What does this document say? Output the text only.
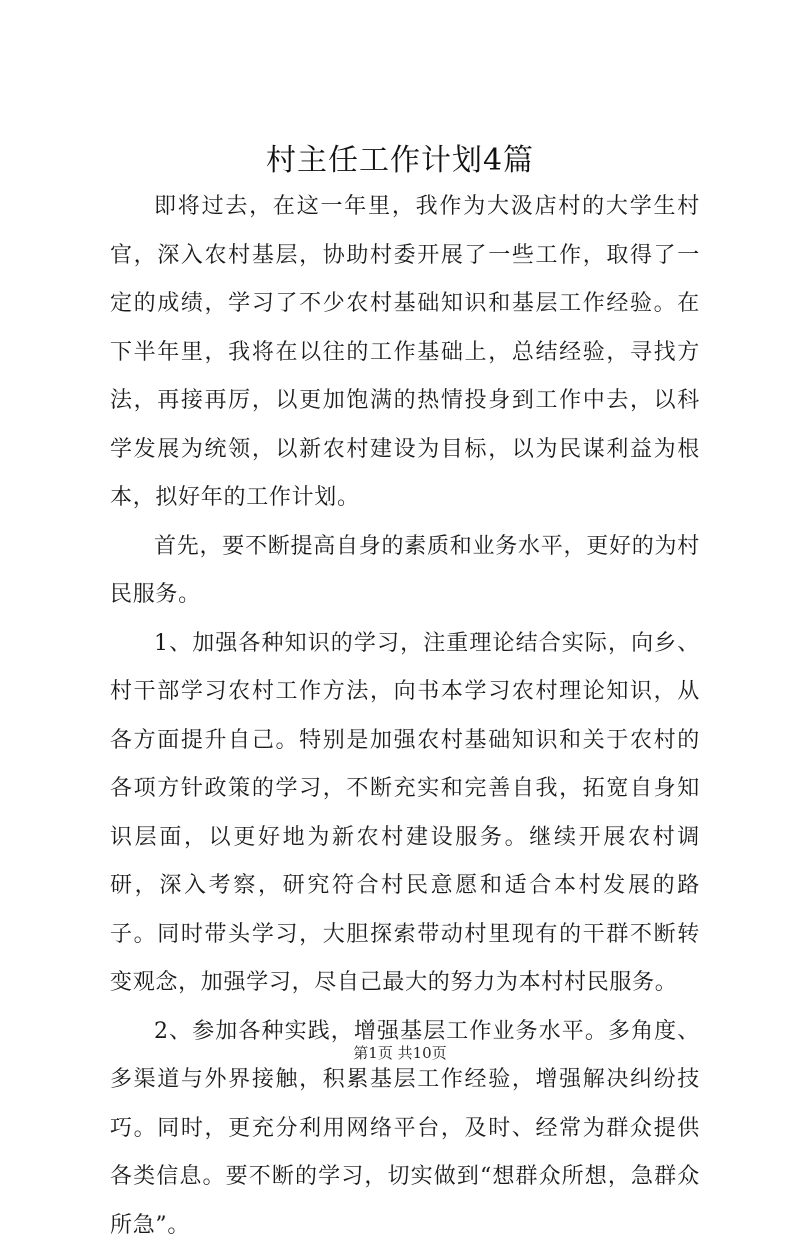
村主任工作计划4篇

即将过去，在这一年里，我作为大汲店村的大学生村官，深入农村基层，协助村委开展了一些工作，取得了一定的成绩，学习了不少农村基础知识和基层工作经验。在下半年里，我将在以往的工作基础上，总结经验，寻找方法，再接再厉，以更加饱满的热情投身到工作中去，以科学发展为统领，以新农村建设为目标，以为民谋利益为根本，拟好年的工作计划。

首先，要不断提高自身的素质和业务水平，更好的为村民服务。

1、加强各种知识的学习，注重理论结合实际，向乡、村干部学习农村工作方法，向书本学习农村理论知识，从各方面提升自己。特别是加强农村基础知识和关于农村的各项方针政策的学习，不断充实和完善自我，拓宽自身知识层面，以更好地为新农村建设服务。继续开展农村调研，深入考察，研究符合村民意愿和适合本村发展的路子。同时带头学习，大胆探索带动村里现有的干群不断转变观念，加强学习，尽自己最大的努力为本村村民服务。

2、参加各种实践，增强基层工作业务水平。多角度、多渠道与外界接触，积累基层工作经验，增强解决纠纷技巧。同时，更充分利用网络平台，及时、经常为群众提供各类信息。要不断的学习，切实做到“想群众所想，急群众所急”。

第1页 共10页
